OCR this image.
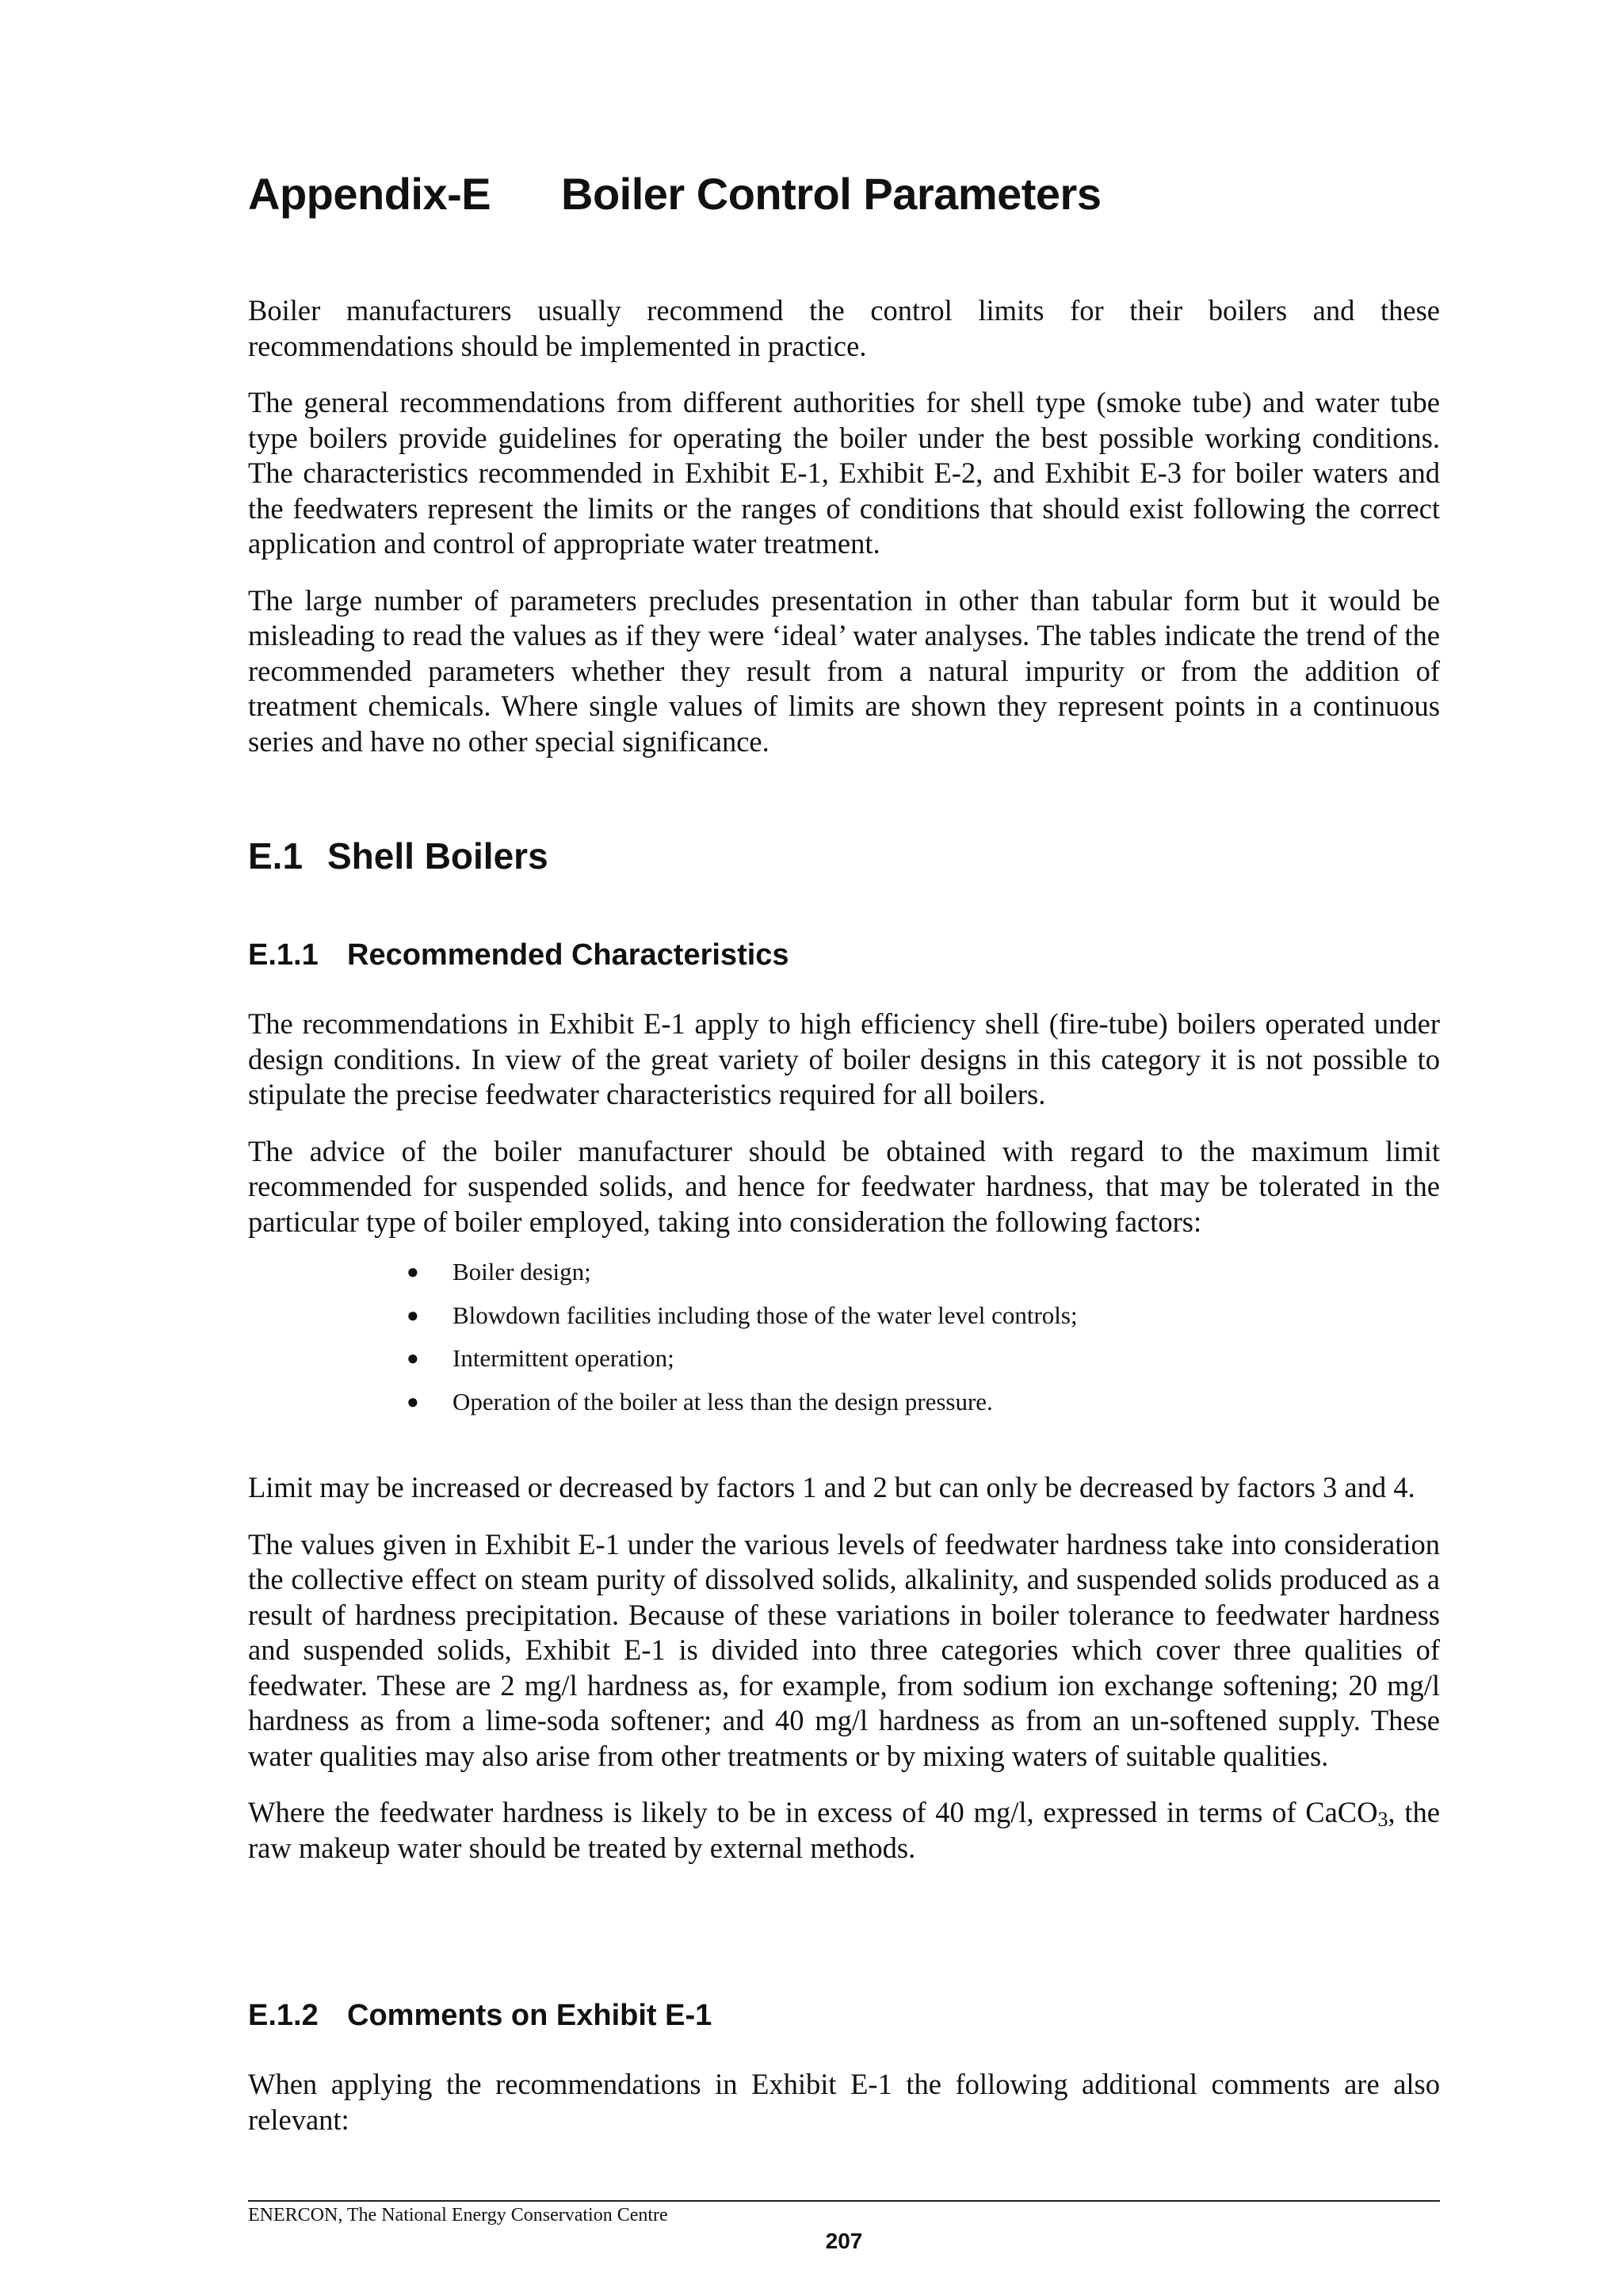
Appendix-E Boiler Control Parameters

Boiler manufacturers usually recommend the control limits for their boilers and these recommendations should be implemented in practice.

The general recommendations from different authorities for shell type (smoke tube) and water tube type boilers provide guidelines for operating the boiler under the best possible working conditions. The characteristics recommended in Exhibit E-1, Exhibit E-2, and Exhibit E-3 for boiler waters and the feedwaters represent the limits or the ranges of conditions that should exist following the correct application and control of appropriate water treatment.

The large number of parameters precludes presentation in other than tabular form but it would be misleading to read the values as if they were ‘ideal’ water analyses. The tables indicate the trend of the recommended parameters whether they result from a natural impurity or from the addition of treatment chemicals. Where single values of limits are shown they represent points in a continuous series and have no other special significance.

E.1 Shell Boilers
E.1.1 Recommended Characteristics

The recommendations in Exhibit E-1 apply to high efficiency shell (fire-tube) boilers operated under design conditions. In view of the great variety of boiler designs in this category it is not possible to stipulate the precise feedwater characteristics required for all boilers.

The advice of the boiler manufacturer should be obtained with regard to the maximum limit recommended for suspended solids, and hence for feedwater hardness, that may be tolerated in the particular type of boiler employed, taking into consideration the following factors:

●	Boiler design;
●	Blowdown facilities including those of the water level controls;
●	Intermittent operation;
●	Operation of the boiler at less than the design pressure.

Limit may be increased or decreased by factors 1 and 2 but can only be decreased by factors 3 and 4.

The values given in Exhibit E-1 under the various levels of feedwater hardness take into consideration the collective effect on steam purity of dissolved solids, alkalinity, and suspended solids produced as a result of hardness precipitation. Because of these variations in boiler tolerance to feedwater hardness and suspended solids, Exhibit E-1 is divided into three categories which cover three qualities of feedwater. These are 2 mg/l hardness as, for example, from sodium ion exchange softening; 20 mg/l hardness as from a lime-soda softener; and 40 mg/l hardness as from an un-softened supply. These water qualities may also arise from other treatments or by mixing waters of suitable qualities.

Where the feedwater hardness is likely to be in excess of 40 mg/l, expressed in terms of CaCO$_3$, the raw makeup water should be treated by external methods.

E.1.2 Comments on Exhibit E-1

When applying the recommendations in Exhibit E-1 the following additional comments are also relevant:

ENERCON, The National Energy Conservation Centre
207
